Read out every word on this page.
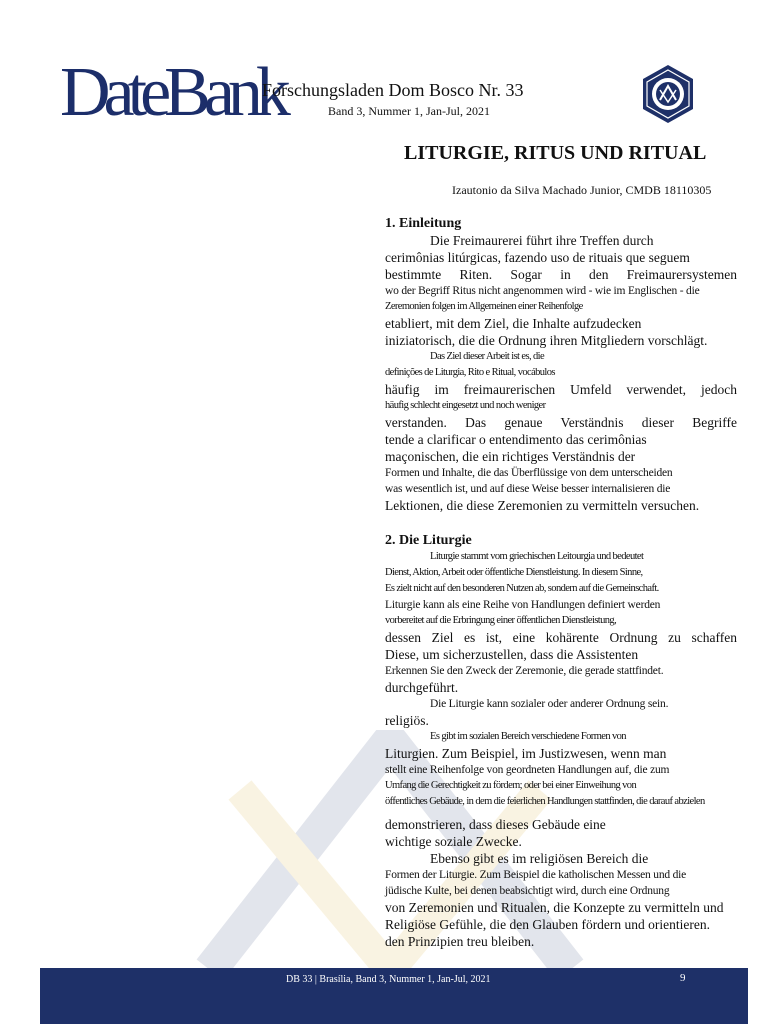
DateBank
Forschungsladen Dom Bosco Nr. 33
Band 3, Nummer 1, Jan-Jul, 2021
LITURGIE, RITUS UND RITUAL
Izautonio da Silva Machado Junior, CMDB 18110305
1. Einleitung
Die Freimaurerei führt ihre Treffen durch
cerimônias litúrgicas, fazendo uso de rituais que seguem
bestimmte Riten. Sogar in den Freimaurersystemen
wo der Begriff Ritus nicht angenommen wird - wie im Englischen - die
Zeremonien folgen im Allgemeinen einer Reihenfolge
etabliert, mit dem Ziel, die Inhalte aufzudecken
iniziatorisch, die die Ordnung ihren Mitgliedern vorschlägt.
Das Ziel dieser Arbeit ist es, die
definições de Liturgia, Rito e Ritual, vocábulos
häufig im freimaurerischen Umfeld verwendet, jedoch
häufig schlecht eingesetzt und noch weniger
verstanden. Das genaue Verständnis dieser Begriffe
tende a clarificar o entendimento das cerimônias
maçonischen, die ein richtiges Verständnis der
Formen und Inhalte, die das Überflüssige von dem unterscheiden
was wesentlich ist, und auf diese Weise besser internalisieren die
Lektionen, die diese Zeremonien zu vermitteln versuchen.
2. Die Liturgie
Liturgie stammt vom griechischen Leitourgia und bedeutet
Dienst, Aktion, Arbeit oder öffentliche Dienstleistung. In diesem Sinne,
Es zielt nicht auf den besonderen Nutzen ab, sondern auf die Gemeinschaft.
Liturgie kann als eine Reihe von Handlungen definiert werden
vorbereitet auf die Erbringung einer öffentlichen Dienstleistung,
dessen Ziel es ist, eine kohärente Ordnung zu schaffen
Diese, um sicherzustellen, dass die Assistenten
Erkennen Sie den Zweck der Zeremonie, die gerade stattfindet.
durchgeführt.
Die Liturgie kann sozialer oder anderer Ordnung sein.
religiös.
Es gibt im sozialen Bereich verschiedene Formen von
Liturgien. Zum Beispiel, im Justizwesen, wenn man
stellt eine Reihenfolge von geordneten Handlungen auf, die zum
Umfang die Gerechtigkeit zu fördern; oder bei einer Einweihung von
öffentliches Gebäude, in dem die feierlichen Handlungen stattfinden, die darauf abzielen
demonstrieren, dass dieses Gebäude eine
wichtige soziale Zwecke.
Ebenso gibt es im religiösen Bereich die
Formen der Liturgie. Zum Beispiel die katholischen Messen und die
jüdische Kulte, bei denen beabsichtigt wird, durch eine Ordnung
von Zeremonien und Ritualen, die Konzepte zu vermitteln und
Religiöse Gefühle, die den Glauben fördern und orientieren.
den Prinzipien treu bleiben.
DB 33 | Brasília, Band 3, Nummer 1, Jan-Jul, 2021	9
